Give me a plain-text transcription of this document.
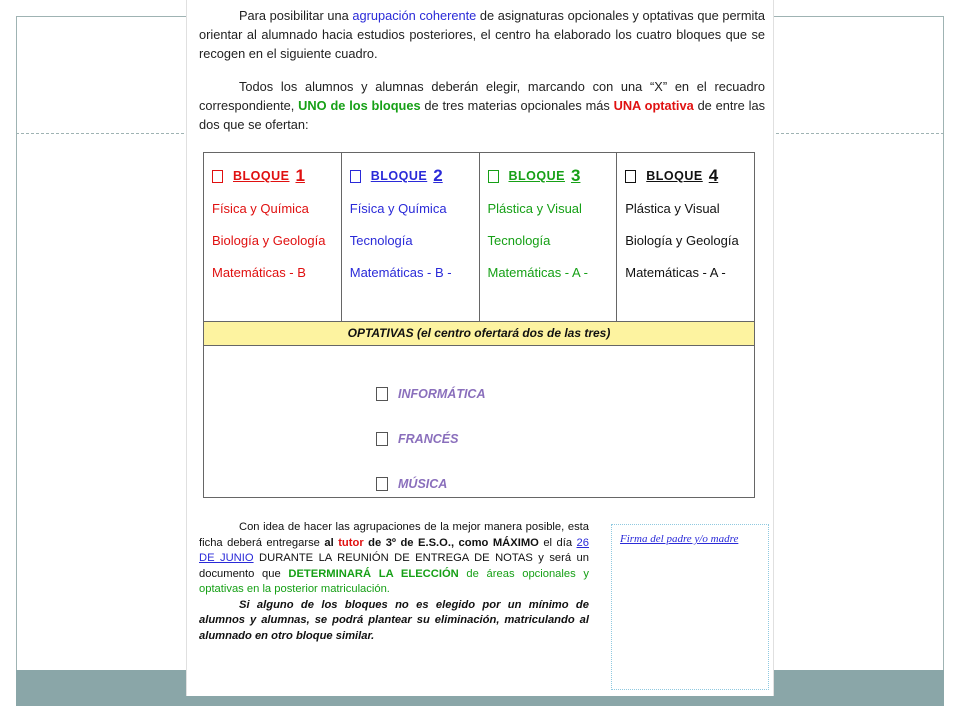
Para posibilitar una agrupación coherente de asignaturas opcionales y optativas que permita orientar al alumnado hacia estudios posteriores, el centro ha elaborado los cuatro bloques que se recogen en el siguiente cuadro.
Todos los alumnos y alumnas deberán elegir, marcando con una “X” en el recuadro correspondiente, UNO de los bloques de tres materias opcionales más UNA optativa de entre las dos que se ofertan:
BLOQUE 1
Física y Química
Biología y Geología
Matemáticas - B
BLOQUE 2
Física y Química
Tecnología
Matemáticas - B -
BLOQUE 3
Plástica y Visual
Tecnología
Matemáticas - A -
BLOQUE 4
Plástica y Visual
Biología y Geología
Matemáticas - A -
OPTATIVAS (el centro ofertará dos de las tres)
INFORMÁTICA
FRANCÉS
MÚSICA
Con idea de hacer las agrupaciones de la mejor manera posible, esta ficha deberá entregarse al tutor de 3º de E.S.O., como MÁXIMO el día 26 DE JUNIO DURANTE LA REUNIÓN DE ENTREGA DE NOTAS y será un documento que DETERMINARÁ LA ELECCIÓN de áreas opcionales y optativas en la posterior matriculación.
Si alguno de los bloques no es elegido por un mínimo de alumnos y alumnas, se podrá plantear su eliminación, matriculando al alumnado en otro bloque similar.
Firma del padre y/o madre
